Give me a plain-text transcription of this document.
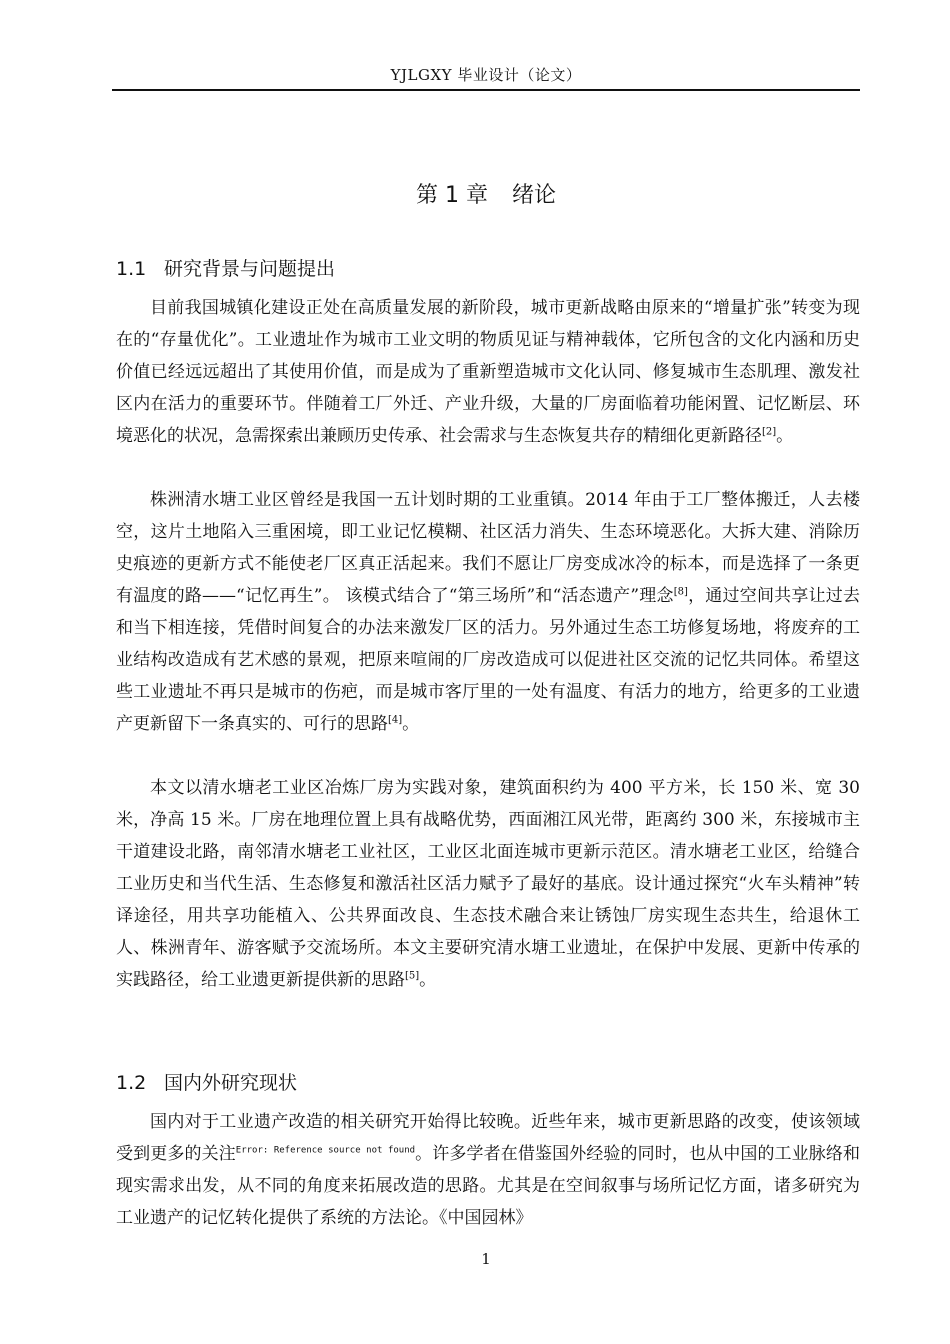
YJLGXY 毕业设计（论文）
第 1 章 绪论
1.1 研究背景与问题提出

目前我国城镇化建设正处在高质量发展的新阶段，城市更新战略由原来的“增量扩张”转变为现在的“存量优化”。工业遗址作为城市工业文明的物质见证与精神载体，它所包含的文化内涵和历史价值已经远远超出了其使用价值，而是成为了重新塑造城市文化认同、修复城市生态肌理、激发社区内在活力的重要环节。伴随着工厂外迁、产业升级，大量的厂房面临着功能闲置、记忆断层、环境恶化的状况，急需探索出兼顾历史传承、社会需求与生态恢复共存的精细化更新路径[2]。

株洲清水塘工业区曾经是我国一五计划时期的工业重镇。2014 年由于工厂整体搬迁，人去楼空，这片土地陷入三重困境，即工业记忆模糊、社区活力消失、生态环境恶化。大拆大建、消除历史痕迹的更新方式不能使老厂区真正活起来。我们不愿让厂房变成冰冷的标本，而是选择了一条更有温度的路——“记忆再生”。 该模式结合了“第三场所”和“活态遗产”理念[8]，通过空间共享让过去和当下相连接，凭借时间复合的办法来激发厂区的活力。另外通过生态工坊修复场地，将废弃的工业结构改造成有艺术感的景观，把原来喧闹的厂房改造成可以促进社区交流的记忆共同体。希望这些工业遗址不再只是城市的伤疤，而是城市客厅里的一处有温度、有活力的地方，给更多的工业遗产更新留下一条真实的、可行的思路[4]。

本文以清水塘老工业区冶炼厂房为实践对象，建筑面积约为 400 平方米，长 150 米、宽 30 米，净高 15 米。厂房在地理位置上具有战略优势，西面湘江风光带，距离约 300 米，东接城市主干道建设北路，南邻清水塘老工业社区，工业区北面连城市更新示范区。清水塘老工业区，给缝合工业历史和当代生活、生态修复和激活社区活力赋予了最好的基底。设计通过探究“火车头精神”转译途径，用共享功能植入、公共界面改良、生态技术融合来让锈蚀厂房实现生态共生，给退休工人、株洲青年、游客赋予交流场所。本文主要研究清水塘工业遗址，在保护中发展、更新中传承的实践路径，给工业遗更新提供新的思路[5]。

1.2 国内外研究现状

国内对于工业遗产改造的相关研究开始得比较晚。近些年来，城市更新思路的改变，使该领域受到更多的关注$^{Error: Reference source not found}$。许多学者在借鉴国外经验的同时，也从中国的工业脉络和现实需求出发，从不同的角度来拓展改造的思路。尤其是在空间叙事与场所记忆方面，诸多研究为工业遗产的记忆转化提供了系统的方法论。《中国园林》

1
